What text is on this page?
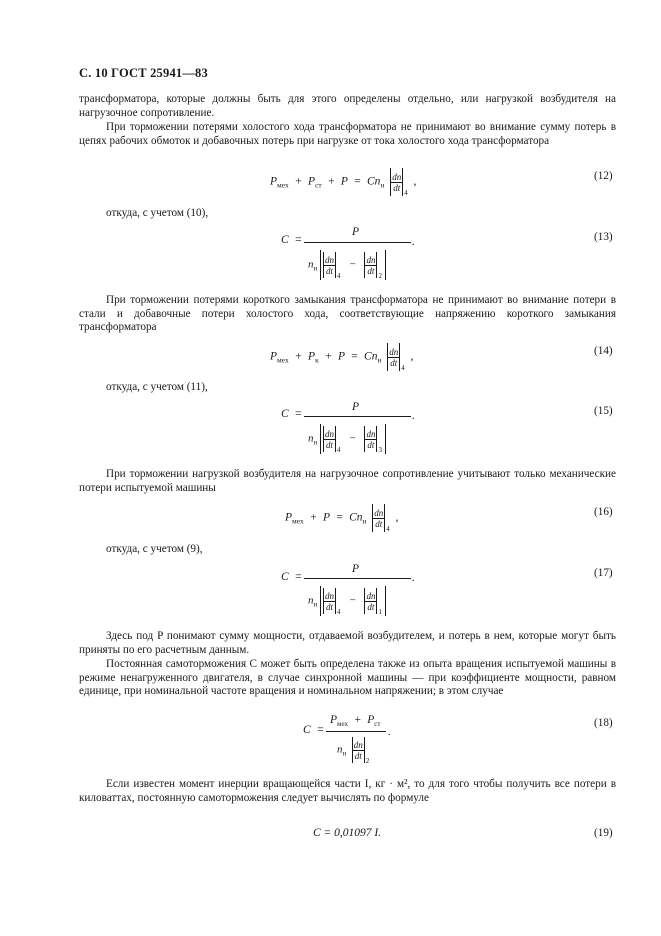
С. 10 ГОСТ 25941—83

трансформатора, которые должны быть для этого определены отдельно, или нагрузкой возбудителя на нагрузочное сопротивление.

При торможении потерями холостого хода трансформатора не принимают во внимание сумму потерь в цепях рабочих обмоток и добавочных потерь при нагрузке от тока холостого хода трансформатора

$P_{мех} + P_{ст} + P = Cn_н \frac{dn}{dt}$
$_4$  ,	(12)
откуда, с учетом (10),
C  =
P
$n_н \frac{dn}{dt}$
$_4 - \frac{dn}{dt}$
$_2$
.	(13)

При торможении потерями короткого замыкания трансформатора не принимают во внимание потери в стали и добавочные потери холостого хода, соответствующие напряжению короткого замыкания трансформатора

$P_{мех} + P_к + P = Cn_н \frac{dn}{dt}$
$_4$  ,	(14)
откуда, с учетом (11),
C  =
P
$n_н \frac{dn}{dt}$
$_4 - \frac{dn}{dt}$
$_3$
.	(15)

При торможении нагрузкой возбудителя на нагрузочное сопротивление учитывают только механические потери испытуемой машины

$P_{мех} + P = Cn_н \frac{dn}{dt}$
$_4$  ,	(16)
откуда, с учетом (9),
C  =
P
$n_н \frac{dn}{dt}$
$_4 - \frac{dn}{dt}$
$_1$
.	(17)

Здесь под P понимают сумму мощности, отдаваемой возбудителем, и потерь в нем, которые могут быть приняты по его расчетным данным.

Постоянная самоторможения C может быть определена также из опыта вращения испытуемой машины в режиме ненагруженного двигателя, в случае синхронной машины — при коэффициенте мощности, равном единице, при номинальной частоте вращения и номинальном напряжении; в этом случае

C  =
$P_{мех} + P_{ст}$
$n_н \frac{dn}{dt}$
$_2$
.
(18)

Если известен момент инерции вращающейся части I, кг · м², то для того чтобы получить все потери в киловаттах, постоянную самоторможения следует вычислять по формуле

C = 0,01097 I.	(19)
